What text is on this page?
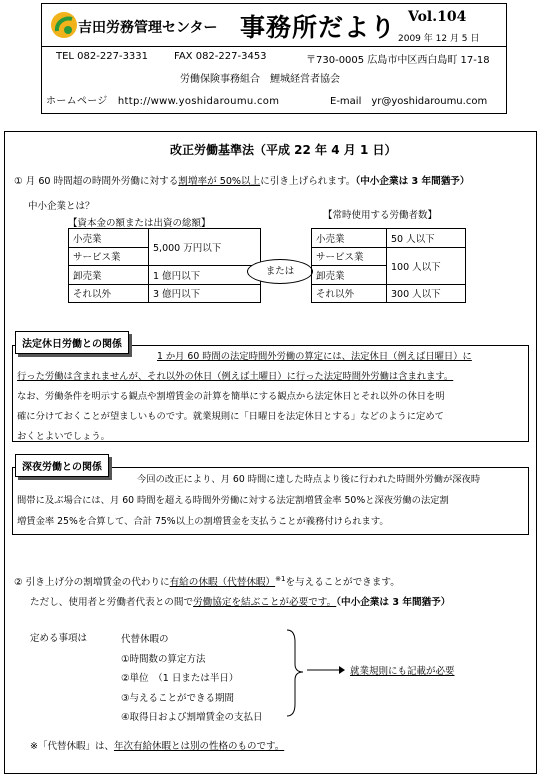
吉田労務管理センター 事務所だより Vol.104
2009 年 12 月 5 日
TEL 082-227-3331	FAX 082-227-3453	〒730-0005 広島市中区西白島町 17-18
労働保険事務組合　鯉城経営者協会
ホームページ　http://www.yoshidaroumu.com	E-mail　yr@yoshidaroumu.com
改正労働基準法（平成 22 年 4 月 1 日）
① 月 60 時間超の時間外労働に対する割増率が 50%以上に引き上げられます。（中小企業は 3 年間猶予）
中小企業とは？
【資本金の額または出資の総額】
【常時使用する労働者数】
小売業	5,000 万円以下
サービス業	
卸売業	1 億円以下
それ以外	3 億円以下
または
小売業	50 人以下
サービス業	100 人以下
卸売業	
それ以外	300 人以下
法定休日労働との関係
1 か月 60 時間の法定時間外労働の算定には、法定休日（例えば日曜日）に
行った労働は含まれませんが、それ以外の休日（例えば土曜日）に行った法定時間外労働は含まれます。
なお、労働条件を明示する観点や割増賃金の計算を簡単にする観点から法定休日とそれ以外の休日を明
確に分けておくことが望ましいものです。就業規則に「日曜日を法定休日とする」などのように定めて
おくとよいでしょう。
深夜労働との関係
今回の改正により、月 60 時間に達した時点より後に行われた時間外労働が深夜時
間帯に及ぶ場合には、月 60 時間を超える時間外労働に対する法定割増賃金率 50%と深夜労働の法定割
増賃金率 25%を合算して、合計 75%以上の割増賃金を支払うことが義務付けられます。
② 引き上げ分の割増賃金の代わりに有給の休暇（代替休暇）$^{※1}$を与えることができます。
ただし、使用者と労働者代表との間で労働協定を結ぶことが必要です。（中小企業は 3 年間猶予）
定める事項は	代替休暇の
①時間数の算定方法
②単位　（1 日または半日）
③与えることができる期間
④取得日および割増賃金の支払日
就業規則にも記載が必要
※「代替休暇」は、年次有給休暇とは別の性格のものです。
